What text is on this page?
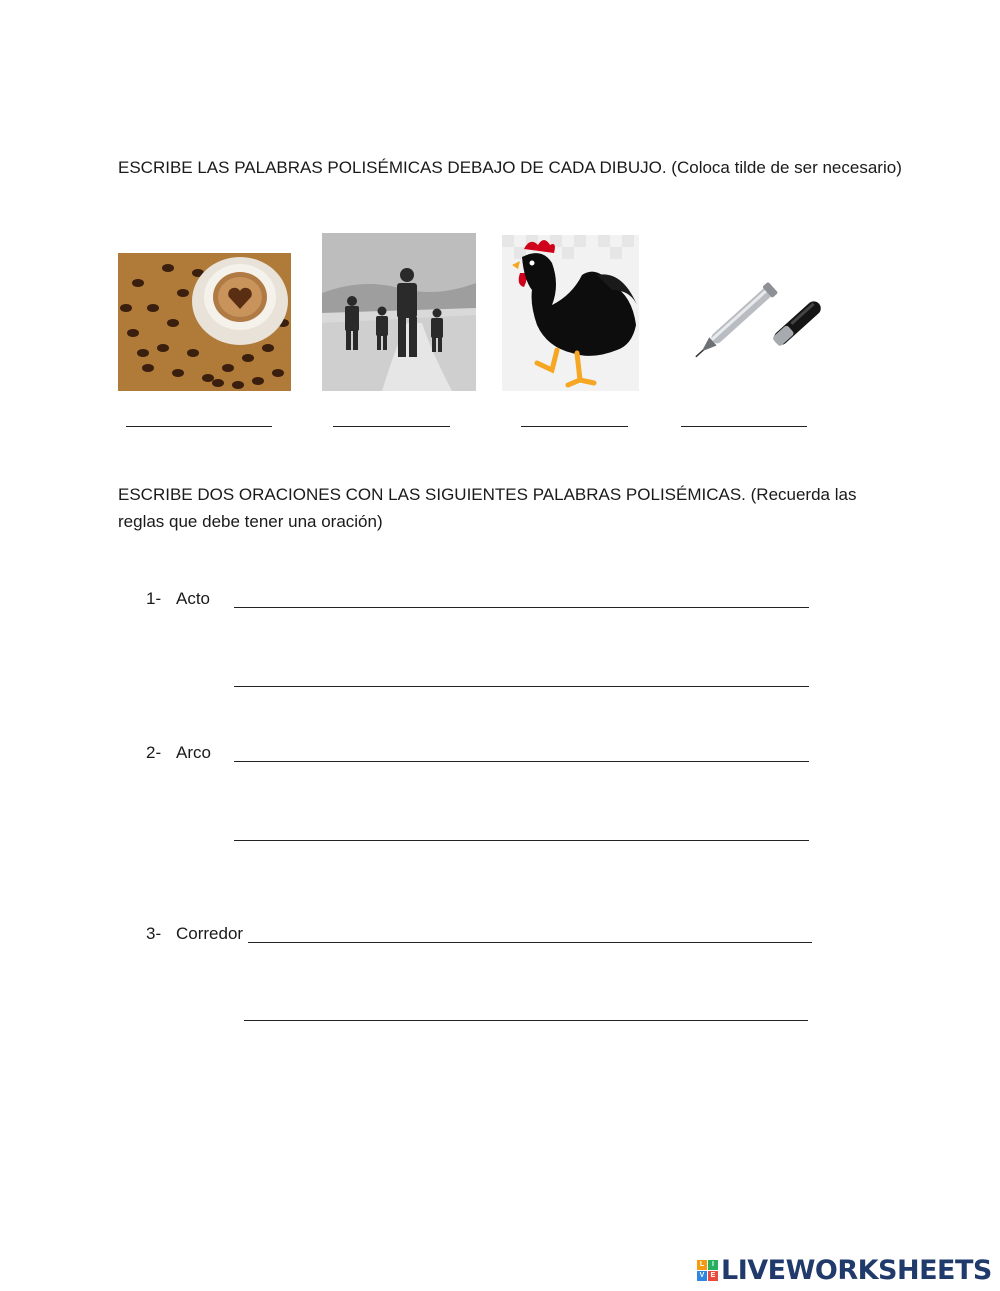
ESCRIBE LAS PALABRAS POLISÉMICAS DEBAJO DE CADA DIBUJO. (Coloca tilde de ser necesario)
ESCRIBE DOS ORACIONES CON LAS SIGUIENTES PALABRAS POLISÉMICAS. (Recuerda las reglas que debe tener una oración)
1- Acto
2- Arco
3- Corredor
L	I
V E LIVEWORKSHEETS
